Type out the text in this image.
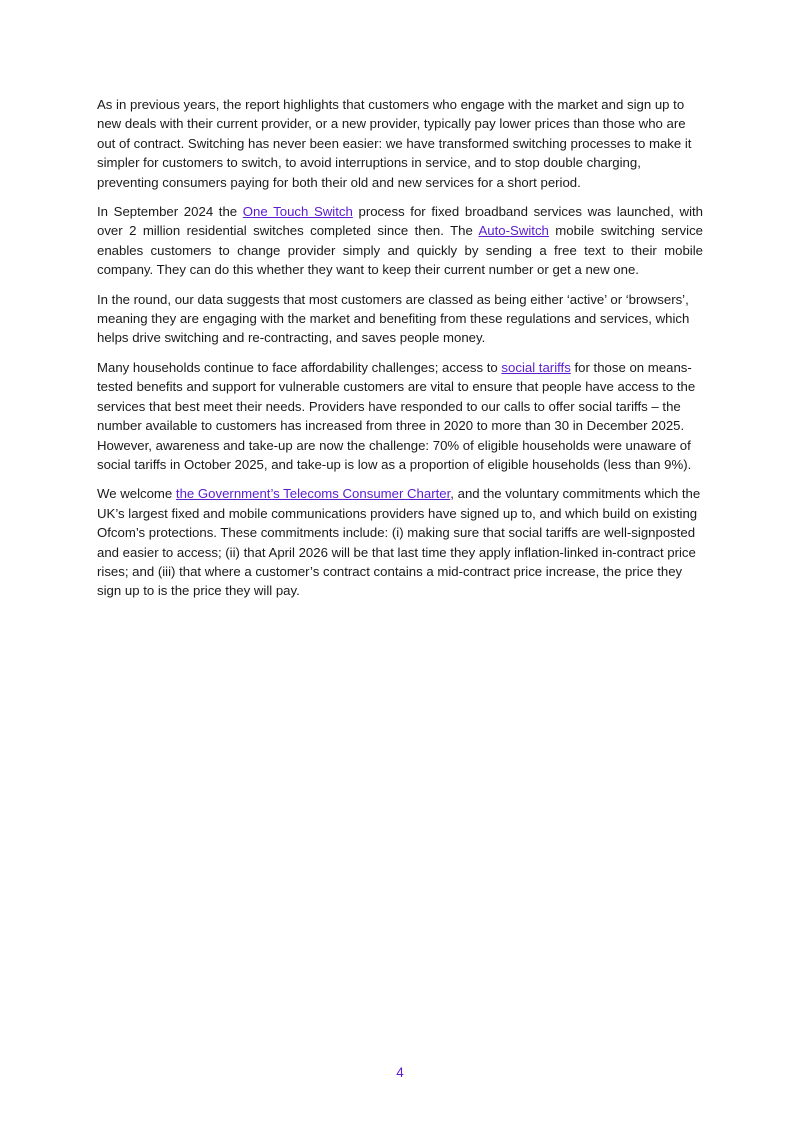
As in previous years, the report highlights that customers who engage with the market and sign up to new deals with their current provider, or a new provider, typically pay lower prices than those who are out of contract. Switching has never been easier: we have transformed switching processes to make it simpler for customers to switch, to avoid interruptions in service, and to stop double charging, preventing consumers paying for both their old and new services for a short period.

In September 2024 the One Touch Switch process for fixed broadband services was launched, with over 2 million residential switches completed since then. The Auto-Switch mobile switching service enables customers to change provider simply and quickly by sending a free text to their mobile company. They can do this whether they want to keep their current number or get a new one.

In the round, our data suggests that most customers are classed as being either ‘active’ or ‘browsers’, meaning they are engaging with the market and benefiting from these regulations and services, which helps drive switching and re-contracting, and saves people money.

Many households continue to face affordability challenges; access to social tariffs for those on means-tested benefits and support for vulnerable customers are vital to ensure that people have access to the services that best meet their needs. Providers have responded to our calls to offer social tariffs – the number available to customers has increased from three in 2020 to more than 30 in December 2025. However, awareness and take-up are now the challenge: 70% of eligible households were unaware of social tariffs in October 2025, and take-up is low as a proportion of eligible households (less than 9%).

We welcome the Government’s Telecoms Consumer Charter, and the voluntary commitments which the UK’s largest fixed and mobile communications providers have signed up to, and which build on existing Ofcom’s protections. These commitments include: (i) making sure that social tariffs are well-signposted and easier to access; (ii) that April 2026 will be that last time they apply inflation-linked in-contract price rises; and (iii) that where a customer’s contract contains a mid-contract price increase, the price they sign up to is the price they will pay.

4
